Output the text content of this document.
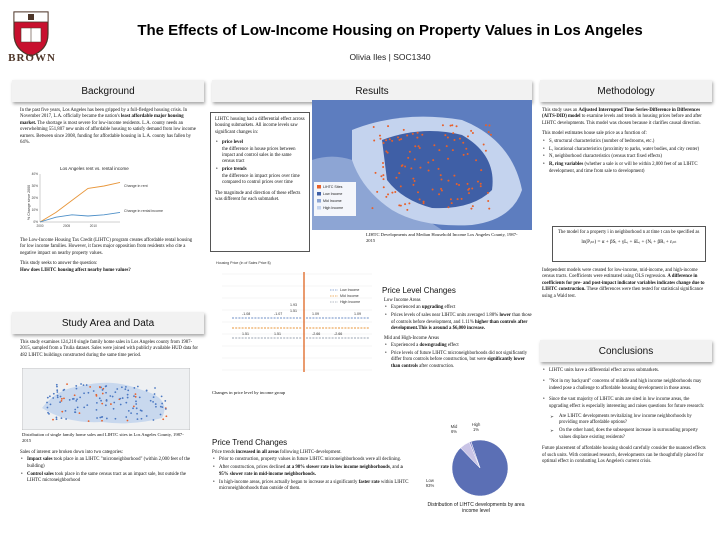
BROWN
The Effects of Low-Income Housing on Property Values in Los Angeles
Olivia Iles | SOC1340
Background

In the past five years, Los Angeles has been gripped by a full-fledged housing crisis. In November 2017, L.A. officially became the nation's least affordable major housing market. The shortage is most severe for low-income residents. L.A. county needs an overwhelming 551,807 new units of affordable housing to satisfy demand from low income earners. Between since 2008, funding for affordable housing in L.A. county has fallen by 64%.

Los Angeles rent vs. rental income
% Change since 2000
40%
30%
20%
10%
0%
2000	2005	2010
Change in rent
Change in rental income

The Low-Income Housing Tax Credit (LIHTC) program creates affordable rental housing for low income families. However, it faces major opposition from residents who cite a negative impact on nearby property values.

This study seeks to answer the question:
How does LIHTC housing affect nearby home values?

Study Area and Data
This study examines 124,210 single family home sales in Los Angeles county from 1987-2015, sampled from a Trulia dataset. Sales were joined with publicly available HUD data for 482 LIHTC buildings constructed during the same time period.
Distribution of single family home sales and LIHTC sites in Los Angeles County, 1987-2015

Sales of interest are broken down into two categories:

• Impact sales took place in an LIHTC "microneighborhood" (within 2,000 feet of the building)
• Control sales took place in the same census tract as an impact sale, but outside the LIHTC microneighborhood
Results

LIHTC housing had a differential effect across housing submarkets. All income levels saw significant changes in:

• price level
the difference in house prices between impact and control sales in the same census tract
• price trends
the difference in impact prices over time compared to control prices over time

The magnitude and direction of these effects was different for each submarket.

LIHTC Sites
Low Income
Mid Income
High Income
LIHTC Developments and Median Household Income Los Angeles County, 1987-2015
Housing Price (ln of Sales Price $)
Low Income
Mid Income
High Income
-1.08	-1.07
1.93
1.51
1.09	1.09
-2.66	-2.66
1.51	1.51
Changes in price level by income group
Price Level Changes

Low Income Areas

• Experienced an upgrading effect
• Prices levels of sales near LIHTC units averaged 1.88% lower than those of controls before development, and 1.11% higher than controls after development.This is around a $6,000 increase.

Mid and High-Income Areas

• Experienced a downgrading effect
• Price levels of future LIHTC microneighborhoods did not significantly differ from controls before construction, but were significantly lower than controls after construction.
Price Trend Changes

Price trends increased in all areas following LIHTC-development.

• Prior to construction, property values in future LIHTC microneighborhoods were all declining.
• After construction, prices declined at a 98% slower rate in low income neighborhoods, and a 95% slower rate in mid-income neighborhoods.
• In high-income areas, prices actually began to increase at a significantly faster rate within LIHTC microneighborhoods than outside of them.
Low 93%
Mid 6%
High 1%
Distribution of LIHTC developments by area income level
Methodology

This study uses an Adjusted Interrupted Time Series-Difference in Differences (AITS-DID) model to examine levels and trends in housing prices before and after LIHTC developments. This model was chosen because it clarifies causal direction.

This model estimates house sale price as a function of:

• S, structural characteristics (number of bedrooms, etc.)
• L, locational characteristics (proximity to parks, water bodies, and city center)
• N, neighborhood characteristics (census tract fixed effects)
• R, ring variables (whether a sale is or will be within 2,000 feet of an LIHTC development, and time from sale to development)

The model for a property i in neighborhood n at time t can be specified as

ln(Pᵢₙₜ) = α + βSᵢ + γLᵢ + δLᵢ + (Nᵢ + βRᵢ + εᵢₙₜ

Independent models were created for low-income, mid-income, and high-income census tracts. Coefficients were estimated using OLS regression. A difference in coefficients for pre- and post-impact indicator variables indicates change due to LIHTC construction. These differences were then tested for statistical significance using a Wald test.
Conclusions
• LIHTC units have a differential effect across submarkets.
• "Not in my backyard" concerns of middle and high income neighborhoods may indeed pose a challenge to affordable housing development in those areas.
• Since the vast majority of LIHTC units are sited in low income areas, the upgrading effect is especially interesting and raises questions for future research:
➢ Are LIHTC developments revitalizing low income neighborhoods by providing more affordable options?
➢ On the other hand, does the subsequent increase in surrounding property values displace existing residents?

Future placement of affordable housing should carefully consider the nuanced effects of such units. With continued research, developments can be thoughtfully placed for optimal effect in combatting Los Angeles's current crisis.
